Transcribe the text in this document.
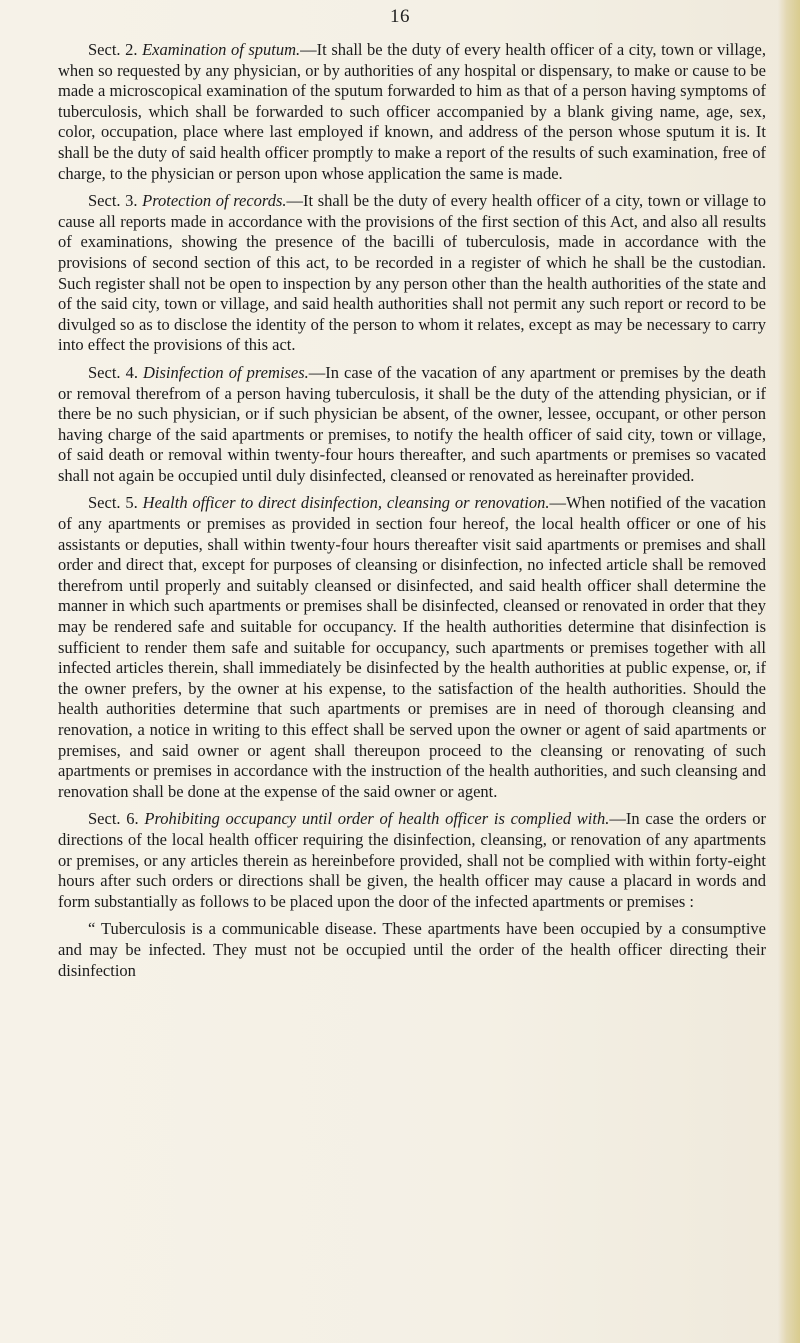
16

Sect. 2. Examination of sputum.—It shall be the duty of every health officer of a city, town or village, when so requested by any physician, or by authorities of any hospital or dispensary, to make or cause to be made a microscopical examination of the sputum forwarded to him as that of a person having symptoms of tuberculosis, which shall be forwarded to such officer accompanied by a blank giving name, age, sex, color, occupation, place where last employed if known, and address of the person whose sputum it is. It shall be the duty of said health officer promptly to make a report of the results of such examination, free of charge, to the physician or person upon whose application the same is made.

Sect. 3. Protection of records.—It shall be the duty of every health officer of a city, town or village to cause all reports made in accordance with the provisions of the first section of this Act, and also all results of examinations, showing the presence of the bacilli of tuberculosis, made in accordance with the provisions of second section of this act, to be recorded in a register of which he shall be the custodian. Such register shall not be open to inspection by any person other than the health authorities of the state and of the said city, town or village, and said health authorities shall not permit any such report or record to be divulged so as to disclose the identity of the person to whom it relates, except as may be necessary to carry into effect the provisions of this act.

Sect. 4. Disinfection of premises.—In case of the vacation of any apartment or premises by the death or removal therefrom of a person having tuberculosis, it shall be the duty of the attending physician, or if there be no such physician, or if such physician be absent, of the owner, lessee, occupant, or other person having charge of the said apartments or premises, to notify the health officer of said city, town or village, of said death or removal within twenty-four hours thereafter, and such apartments or premises so vacated shall not again be occupied until duly disinfected, cleansed or renovated as hereinafter provided.

Sect. 5. Health officer to direct disinfection, cleansing or renovation.—When notified of the vacation of any apartments or premises as provided in section four hereof, the local health officer or one of his assistants or deputies, shall within twenty-four hours thereafter visit said apartments or premises and shall order and direct that, except for purposes of cleansing or disinfection, no infected article shall be removed therefrom until properly and suitably cleansed or disinfected, and said health officer shall determine the manner in which such apartments or premises shall be disinfected, cleansed or renovated in order that they may be rendered safe and suitable for occupancy. If the health authorities determine that disinfection is sufficient to render them safe and suitable for occupancy, such apartments or premises together with all infected articles therein, shall immediately be disinfected by the health authorities at public expense, or, if the owner prefers, by the owner at his expense, to the satisfaction of the health authorities. Should the health authorities determine that such apartments or premises are in need of thorough cleansing and renovation, a notice in writing to this effect shall be served upon the owner or agent of said apartments or premises, and said owner or agent shall thereupon proceed to the cleansing or renovating of such apartments or premises in accordance with the instruction of the health authorities, and such cleansing and renovation shall be done at the expense of the said owner or agent.

Sect. 6. Prohibiting occupancy until order of health officer is complied with.—In case the orders or directions of the local health officer requiring the disinfection, cleansing, or renovation of any apartments or premises, or any articles therein as hereinbefore provided, shall not be complied with within forty-eight hours after such orders or directions shall be given, the health officer may cause a placard in words and form substantially as follows to be placed upon the door of the infected apartments or premises :

“ Tuberculosis is a communicable disease. These apartments have been occupied by a consumptive and may be infected. They must not be occupied until the order of the health officer directing their disinfection
